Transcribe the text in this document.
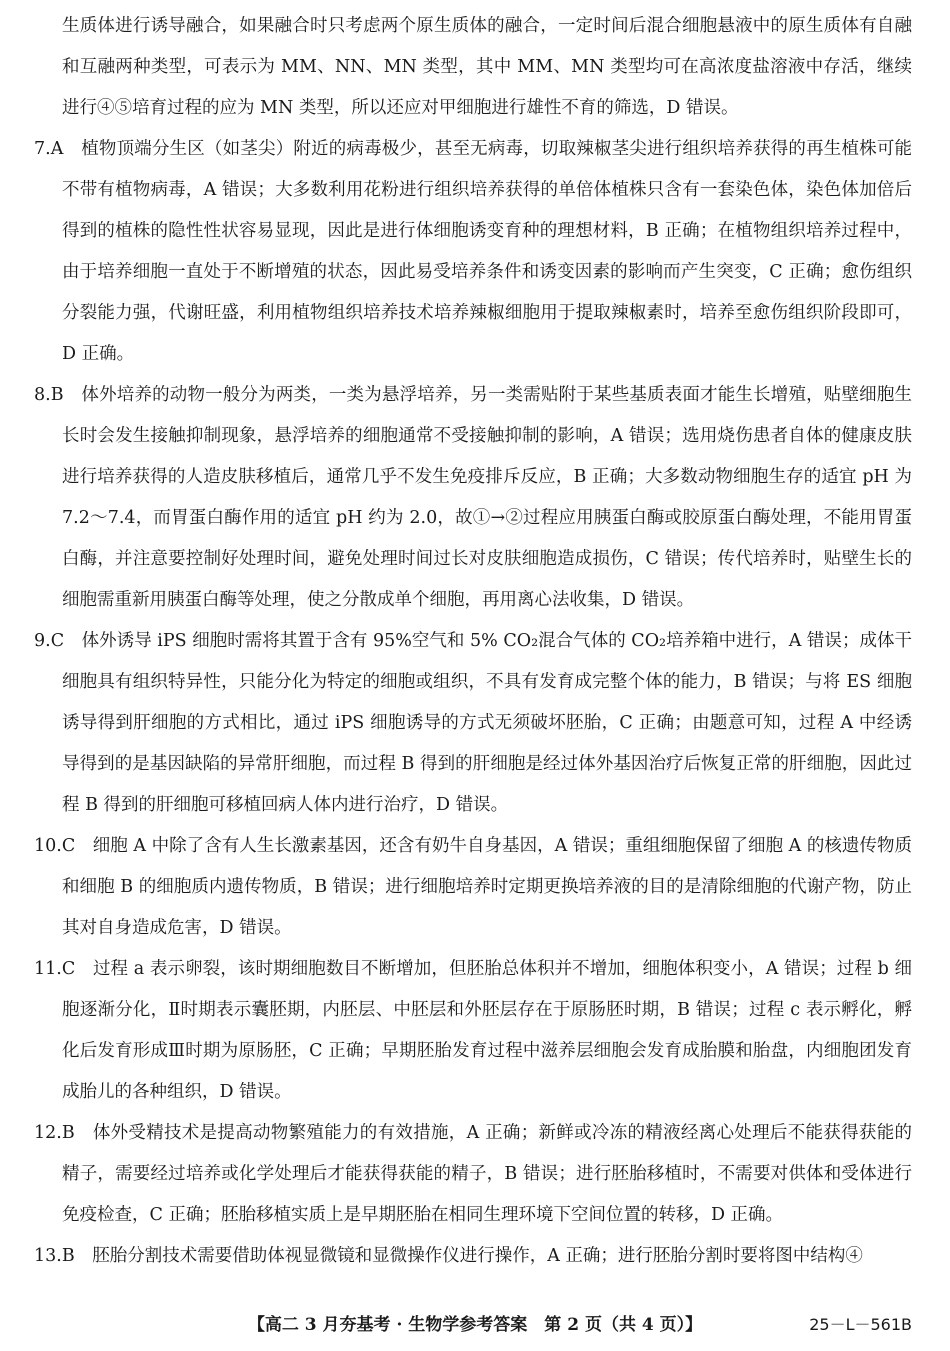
生质体进行诱导融合，如果融合时只考虑两个原生质体的融合，一定时间后混合细胞悬液中的原生质体有自融和互融两种类型，可表示为 MM、NN、MN 类型，其中 MM、MN 类型均可在高浓度盐溶液中存活，继续进行④⑤培育过程的应为 MN 类型，所以还应对甲细胞进行雄性不育的筛选，D 错误。

7.A　 植物顶端分生区（如茎尖）附近的病毒极少，甚至无病毒，切取辣椒茎尖进行组织培养获得的再生植株可能不带有植物病毒，A 错误；大多数利用花粉进行组织培养获得的单倍体植株只含有一套染色体，染色体加倍后得到的植株的隐性性状容易显现，因此是进行体细胞诱变育种的理想材料，B 正确；在植物组织培养过程中，由于培养细胞一直处于不断增殖的状态，因此易受培养条件和诱变因素的影响而产生突变，C 正确；愈伤组织分裂能力强，代谢旺盛，利用植物组织培养技术培养辣椒细胞用于提取辣椒素时，培养至愈伤组织阶段即可，D 正确。

8.B　 体外培养的动物一般分为两类，一类为悬浮培养，另一类需贴附于某些基质表面才能生长增殖，贴壁细胞生长时会发生接触抑制现象，悬浮培养的细胞通常不受接触抑制的影响，A 错误；选用烧伤患者自体的健康皮肤进行培养获得的人造皮肤移植后，通常几乎不发生免疫排斥反应，B 正确；大多数动物细胞生存的适宜 pH 为 7.2～7.4，而胃蛋白酶作用的适宜 pH 约为 2.0，故①→②过程应用胰蛋白酶或胶原蛋白酶处理，不能用胃蛋白酶，并注意要控制好处理时间，避免处理时间过长对皮肤细胞造成损伤，C 错误；传代培养时，贴壁生长的细胞需重新用胰蛋白酶等处理，使之分散成单个细胞，再用离心法收集，D 错误。

9.C　 体外诱导 iPS 细胞时需将其置于含有 95%空气和 5% CO₂混合气体的 CO₂培养箱中进行，A 错误；成体干细胞具有组织特异性，只能分化为特定的细胞或组织，不具有发育成完整个体的能力，B 错误；与将 ES 细胞诱导得到肝细胞的方式相比，通过 iPS 细胞诱导的方式无须破坏胚胎，C 正确；由题意可知，过程 A 中经诱导得到的是基因缺陷的异常肝细胞，而过程 B 得到的肝细胞是经过体外基因治疗后恢复正常的肝细胞，因此过程 B 得到的肝细胞可移植回病人体内进行治疗，D 错误。

10.C　 细胞 A 中除了含有人生长激素基因，还含有奶牛自身基因，A 错误；重组细胞保留了细胞 A 的核遗传物质和细胞 B 的细胞质内遗传物质，B 错误；进行细胞培养时定期更换培养液的目的是清除细胞的代谢产物，防止其对自身造成危害，D 错误。

11.C　 过程 a 表示卵裂，该时期细胞数目不断增加，但胚胎总体积并不增加，细胞体积变小，A 错误；过程 b 细胞逐渐分化，Ⅱ时期表示囊胚期，内胚层、中胚层和外胚层存在于原肠胚时期，B 错误；过程 c 表示孵化，孵化后发育形成Ⅲ时期为原肠胚，C 正确；早期胚胎发育过程中滋养层细胞会发育成胎膜和胎盘，内细胞团发育成胎儿的各种组织，D 错误。

12.B　 体外受精技术是提高动物繁殖能力的有效措施，A 正确；新鲜或冷冻的精液经离心处理后不能获得获能的精子，需要经过培养或化学处理后才能获得获能的精子，B 错误；进行胚胎移植时，不需要对供体和受体进行免疫检查，C 正确；胚胎移植实质上是早期胚胎在相同生理环境下空间位置的转移，D 正确。

13.B　 胚胎分割技术需要借助体视显微镜和显微操作仪进行操作，A 正确；进行胚胎分割时要将图中结构④

【高二 3 月夯基考 · 生物学参考答案　第 2 页（共 4 页）】	25－L－561B
